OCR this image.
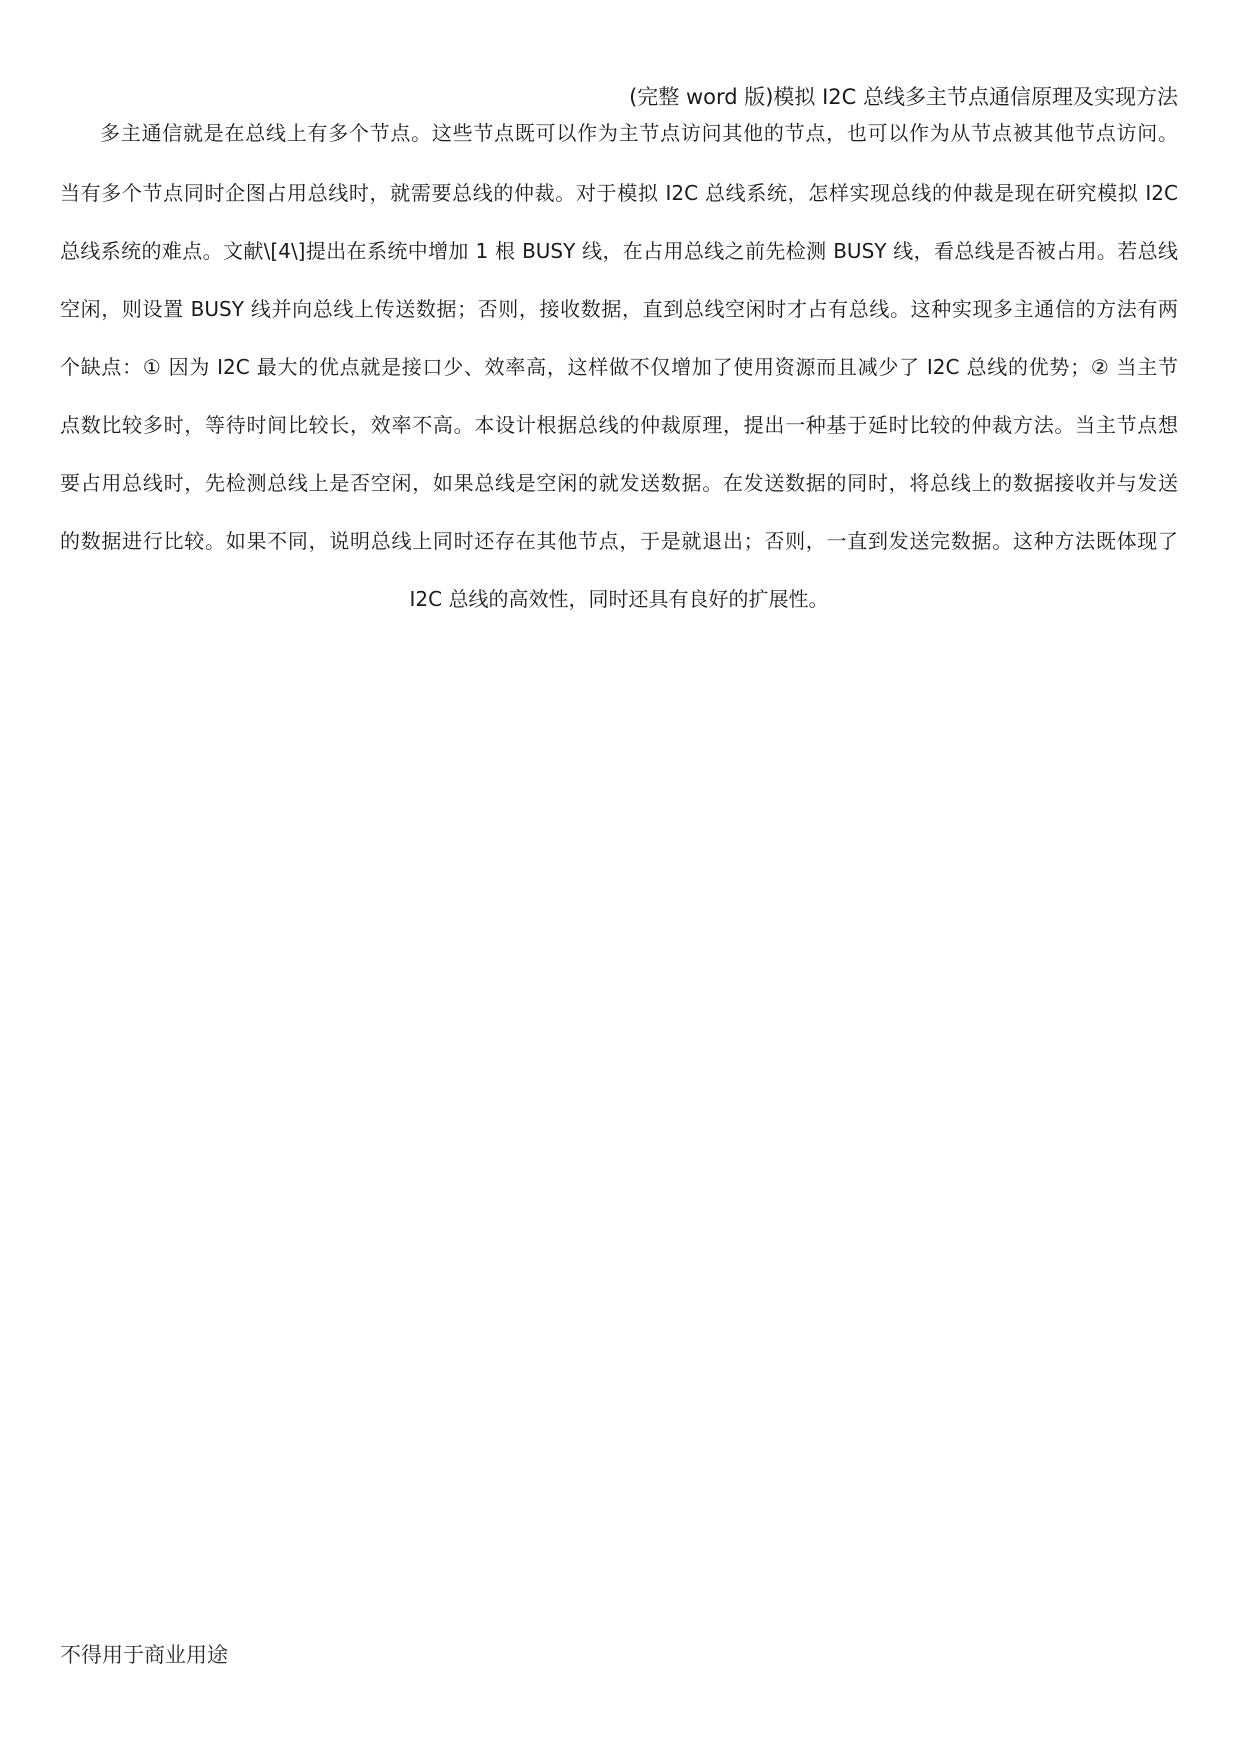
(完整 word 版)模拟 I2C 总线多主节点通信原理及实现方法
多主通信就是在总线上有多个节点。这些节点既可以作为主节点访问其他的节点，也可以作为从节点被其他节点访问。
当有多个节点同时企图占用总线时，就需要总线的仲裁。对于模拟 I2C 总线系统，怎样实现总线的仲裁是现在研究模拟 I2C
总线系统的难点。文献\[4\]提出在系统中增加 1 根 BUSY 线，在占用总线之前先检测 BUSY 线，看总线是否被占用。若总线
空闲，则设置 BUSY 线并向总线上传送数据；否则，接收数据，直到总线空闲时才占有总线。这种实现多主通信的方法有两
个缺点：① 因为 I2C 最大的优点就是接口少、效率高，这样做不仅增加了使用资源而且减少了 I2C 总线的优势；② 当主节
点数比较多时，等待时间比较长，效率不高。本设计根据总线的仲裁原理，提出一种基于延时比较的仲裁方法。当主节点想
要占用总线时，先检测总线上是否空闲，如果总线是空闲的就发送数据。在发送数据的同时，将总线上的数据接收并与发送
的数据进行比较。如果不同，说明总线上同时还存在其他节点，于是就退出；否则，一直到发送完数据。这种方法既体现了
I2C 总线的高效性，同时还具有良好的扩展性。
不得用于商业用途
